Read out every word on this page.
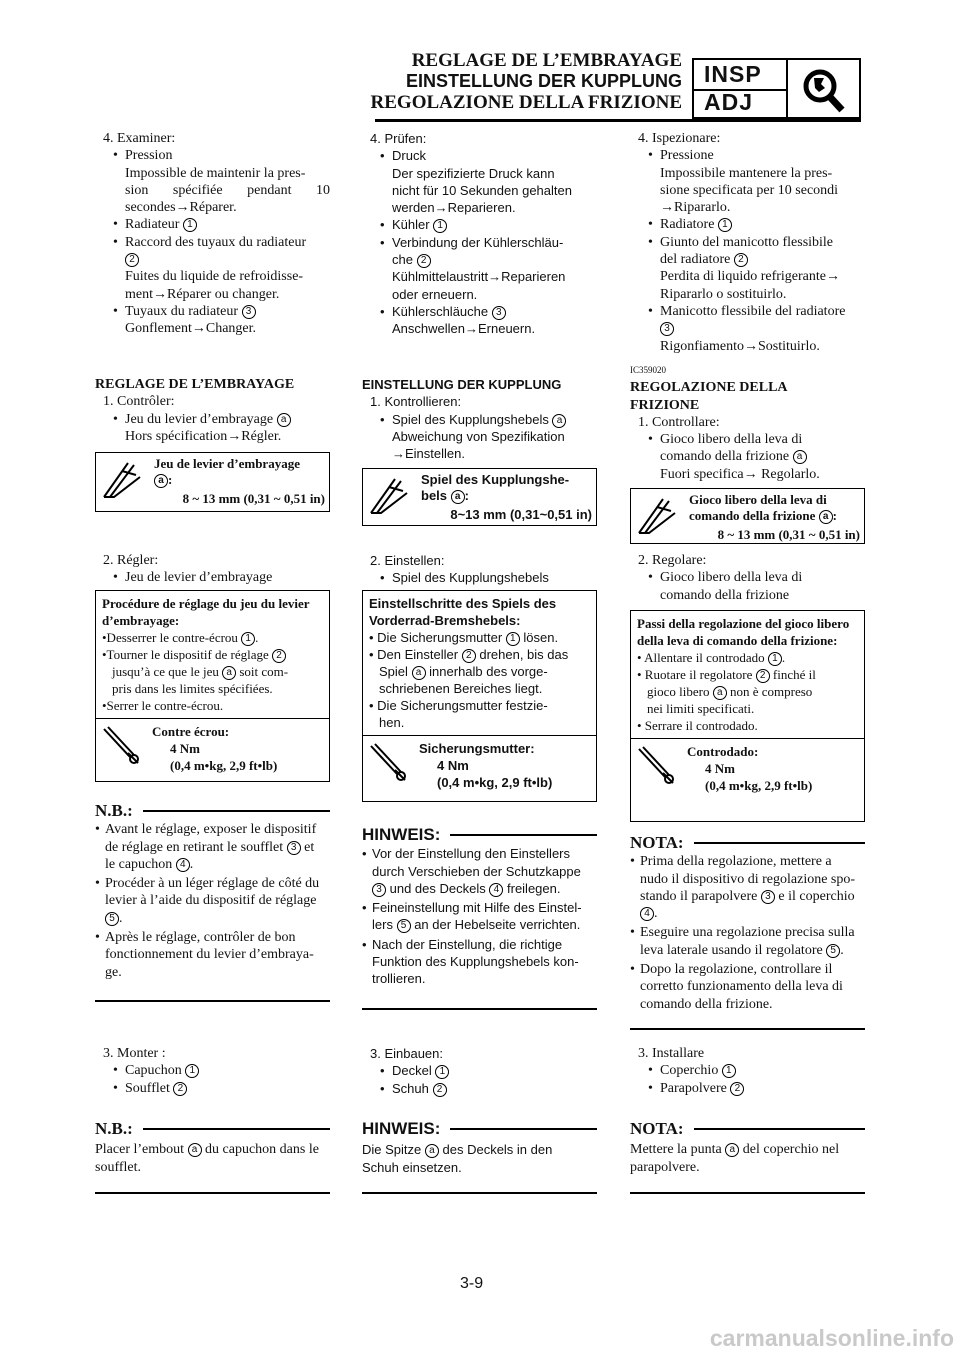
REGLAGE DE L’EMBRAYAGE
EINSTELLUNG DER KUPPLUNG
REGOLAZIONE DELLA FRIZIONE
INSP
ADJ

4. Examiner:

• Pression

Impossible de maintenir la pres-

sion spécifiée pendant 10

secondes→Réparer.

• Radiateur 1

• Raccord des tuyaux du radiateur

2

Fuites du liquide de refroidisse-

ment→Réparer ou changer.

• Tuyaux du radiateur 3

Gonflement→Changer.

REGLAGE DE L’EMBRAYAGE

1. Contrôler:

• Jeu du levier d’embrayage a

Hors spécification→Régler.

Jeu de levier d’embrayage
a :
8 ~ 13 mm (0,31 ~ 0,51 in)

2. Régler:

• Jeu de levier d’embrayage

Procédure de réglage du jeu du levier d’embrayage:

•Desserrer le contre-écrou 1 .

•Tourner le dispositif de réglage 2

jusqu’à ce que le jeu a soit com-

pris dans les limites spécifiées.

•Serrer le contre-écrou.

Contre écrou:
4 Nm
(0,4 m•kg, 2,9 ft•lb)
N.B.:

• Avant le réglage, exposer le dispositif

de réglage en retirant le soufflet 3 et

le capuchon 4 .

• Procéder à un léger réglage de côté du

levier à l’aide du dispositif de réglage

5 .

• Après le réglage, contrôler de bon

fonctionnement du levier d’embraya-

ge.

3. Monter :

• Capuchon 1

• Soufflet 2

N.B.:

Placer l’embout a du capuchon dans le

soufflet.

4. Prüfen:

• Druck

Der spezifizierte Druck kann

nicht für 10 Sekunden gehalten

werden→Reparieren.

• Kühler 1

• Verbindung der Kühlerschläu-

che 2

Kühlmittelaustritt→Reparieren

oder erneuern.

• Kühlerschläuche 3

Anschwellen→Erneuern.

EINSTELLUNG DER KUPPLUNG

1. Kontrollieren:

• Spiel des Kupplungshebels a

Abweichung von Spezifikation

→Einstellen.

Spiel des Kupplungshe-
bels a :
8~13 mm (0,31~0,51 in)

2. Einstellen:

• Spiel des Kupplungshebels

Einstellschritte des Spiels des Vorderrad-Bremshebels:

• Die Sicherungsmutter 1 lösen.

• Den Einsteller 2 drehen, bis das

Spiel a innerhalb des vorge-

schriebenen Bereiches liegt.

• Die Sicherungsmutter festzie-

hen.

Sicherungsmutter:
4 Nm
(0,4 m•kg, 2,9 ft•lb)
HINWEIS:

• Vor der Einstellung den Einstellers

durch Verschieben der Schutzkappe

3 und des Deckels 4 freilegen.

• Feineinstellung mit Hilfe des Einstel-

lers 5 an der Hebelseite verrichten.

• Nach der Einstellung, die richtige

Funktion des Kupplungshebels kon-

trollieren.

3. Einbauen:

• Deckel 1

• Schuh 2

HINWEIS:

Die Spitze a des Deckels in den

Schuh einsetzen.

4. Ispezionare:

• Pressione

Impossibile mantenere la pres-

sione specificata per 10 secondi

→Ripararlo.

• Radiatore 1

• Giunto del manicotto flessibile

del radiatore 2

Perdita di liquido refrigerante→

Ripararlo o sostituirlo.

• Manicotto flessibile del radiatore

3

Rigonfiamento→Sostituirlo.

IC359020

REGOLAZIONE DELLA

FRIZIONE

1. Controllare:

• Gioco libero della leva di

comando della frizione a

Fuori specifica→ Regolarlo.

Gioco libero della leva di
comando della frizione a :
8 ~ 13 mm (0,31 ~ 0,51 in)

2. Regolare:

• Gioco libero della leva di

comando della frizione

Passi della regolazione del gioco libero della leva di comando della frizione:

• Allentare il controdado 1 .

• Ruotare il regolatore 2 finché il

gioco libero a non è compreso

nei limiti specificati.

• Serrare il controdado.

Controdado:
4 Nm
(0,4 m•kg, 2,9 ft•lb)
NOTA:

• Prima della regolazione, mettere a

nudo il dispositivo di regolazione spo-

stando il parapolvere 3 e il coperchio

4 .

• Eseguire una regolazione precisa sulla

leva laterale usando il regolatore 5 .

• Dopo la regolazione, controllare il

corretto funzionamento della leva di

comando della frizione.

3. Installare

• Coperchio 1

• Parapolvere 2

NOTA:

Mettere la punta a del coperchio nel

parapolvere.

3-9
carmanualsonline.info
